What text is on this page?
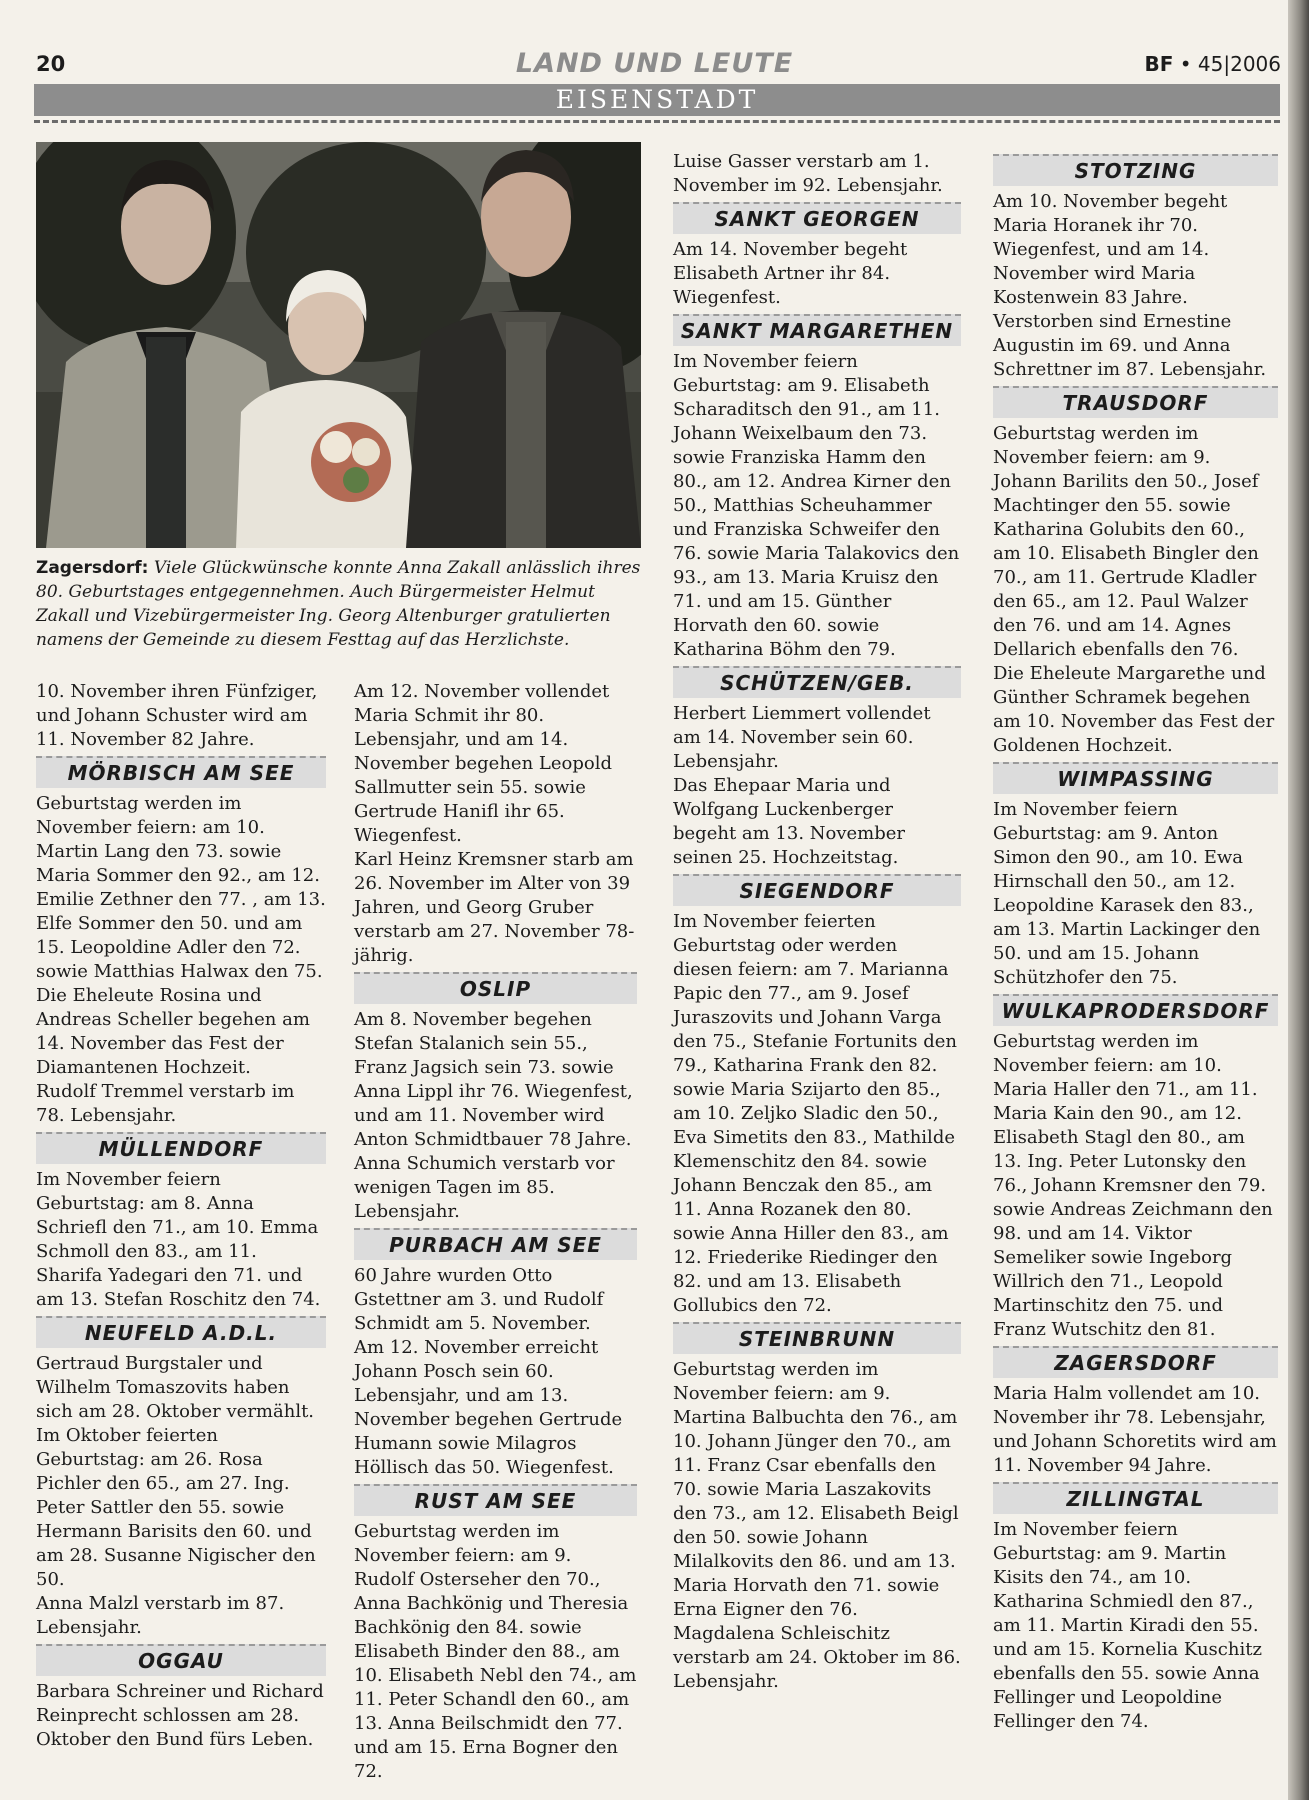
20	LAND UND LEUTE	BF • 45|2006
EISENSTADT
Zagersdorf: Viele Glückwünsche konnte Anna Zakall anlässlich ihres 80. Geburtstages entgegennehmen. Auch Bürgermeister Helmut Zakall und Vizebürgermeister Ing. Georg Altenburger gratulierten namens der Gemeinde zu diesem Festtag auf das Herzlichste.

10. November ihren Fünfziger, und Johann Schuster wird am 11. November 82 Jahre.

MÖRBISCH AM SEE

Geburtstag werden im November feiern: am 10. Martin Lang den 73. sowie Maria Sommer den 92., am 12. Emilie Zethner den 77. , am 13. Elfe Sommer den 50. und am 15. Leopoldine Adler den 72. sowie Matthias Halwax den 75.

Die Eheleute Rosina und Andreas Scheller begehen am 14. November das Fest der Diamantenen Hochzeit.

Rudolf Tremmel verstarb im 78. Lebensjahr.

MÜLLENDORF

Im November feiern Geburtstag: am 8. Anna Schriefl den 71., am 10. Emma Schmoll den 83., am 11. Sharifa Yadegari den 71. und am 13. Stefan Roschitz den 74.

NEUFELD A.D.L.

Gertraud Burgstaler und Wilhelm Tomaszovits haben sich am 28. Oktober vermählt.

Im Oktober feierten Geburtstag: am 26. Rosa Pichler den 65., am 27. Ing. Peter Sattler den 55. sowie Hermann Barisits den 60. und am 28. Susanne Nigischer den 50.

Anna Malzl verstarb im 87. Lebensjahr.

OGGAU

Barbara Schreiner und Richard Reinprecht schlossen am 28. Oktober den Bund fürs Leben.

Am 12. November vollendet Maria Schmit ihr 80. Lebensjahr, und am 14. November begehen Leopold Sallmutter sein 55. sowie Gertrude Hanifl ihr 65. Wiegenfest.

Karl Heinz Kremsner starb am 26. November im Alter von 39 Jahren, und Georg Gruber verstarb am 27. November 78-jährig.

OSLIP

Am 8. November begehen Stefan Stalanich sein 55., Franz Jagsich sein 73. sowie Anna Lippl ihr 76. Wiegenfest, und am 11. November wird Anton Schmidtbauer 78 Jahre.

Anna Schumich verstarb vor wenigen Tagen im 85. Lebensjahr.

PURBACH AM SEE

60 Jahre wurden Otto Gstettner am 3. und Rudolf Schmidt am 5. November.

Am 12. November erreicht Johann Posch sein 60. Lebensjahr, und am 13. November begehen Gertrude Humann sowie Milagros Höllisch das 50. Wiegenfest.

RUST AM SEE

Geburtstag werden im November feiern: am 9. Rudolf Osterseher den 70., Anna Bachkönig und Theresia Bachkönig den 84. sowie Elisabeth Binder den 88., am 10. Elisabeth Nebl den 74., am 11. Peter Schandl den 60., am 13. Anna Beilschmidt den 77. und am 15. Erna Bogner den 72.

Luise Gasser verstarb am 1. November im 92. Lebensjahr.

SANKT GEORGEN

Am 14. November begeht Elisabeth Artner ihr 84. Wiegenfest.

SANKT MARGARETHEN

Im November feiern Geburtstag: am 9. Elisabeth Scharaditsch den 91., am 11. Johann Weixelbaum den 73. sowie Franziska Hamm den 80., am 12. Andrea Kirner den 50., Matthias Scheuhammer und Franziska Schweifer den 76. sowie Maria Talakovics den 93., am 13. Maria Kruisz den 71. und am 15. Günther Horvath den 60. sowie Katharina Böhm den 79.

SCHÜTZEN/GEB.

Herbert Liemmert vollendet am 14. November sein 60. Lebensjahr.

Das Ehepaar Maria und Wolfgang Luckenberger begeht am 13. November seinen 25. Hochzeitstag.

SIEGENDORF

Im November feierten Geburtstag oder werden diesen feiern: am 7. Marianna Papic den 77., am 9. Josef Juraszovits und Johann Varga den 75., Stefanie Fortunits den 79., Katharina Frank den 82. sowie Maria Szijarto den 85., am 10. Zeljko Sladic den 50., Eva Simetits den 83., Mathilde Klemenschitz den 84. sowie Johann Benczak den 85., am 11. Anna Rozanek den 80. sowie Anna Hiller den 83., am 12. Friederike Riedinger den 82. und am 13. Elisabeth Gollubics den 72.

STEINBRUNN

Geburtstag werden im November feiern: am 9. Martina Balbuchta den 76., am 10. Johann Jünger den 70., am 11. Franz Csar ebenfalls den 70. sowie Maria Laszakovits den 73., am 12. Elisabeth Beigl den 50. sowie Johann Milalkovits den 86. und am 13. Maria Horvath den 71. sowie Erna Eigner den 76.

Magdalena Schleischitz verstarb am 24. Oktober im 86. Lebensjahr.

STOTZING

Am 10. November begeht Maria Horanek ihr 70. Wiegenfest, und am 14. November wird Maria Kostenwein 83 Jahre.

Verstorben sind Ernestine Augustin im 69. und Anna Schrettner im 87. Lebensjahr.

TRAUSDORF

Geburtstag werden im November feiern: am 9. Johann Barilits den 50., Josef Machtinger den 55. sowie Katharina Golubits den 60., am 10. Elisabeth Bingler den 70., am 11. Gertrude Kladler den 65., am 12. Paul Walzer den 76. und am 14. Agnes Dellarich ebenfalls den 76.

Die Eheleute Margarethe und Günther Schramek begehen am 10. November das Fest der Goldenen Hochzeit.

WIMPASSING

Im November feiern Geburtstag: am 9. Anton Simon den 90., am 10. Ewa Hirnschall den 50., am 12. Leopoldine Karasek den 83., am 13. Martin Lackinger den 50. und am 15. Johann Schützhofer den 75.

WULKAPRODERSDORF

Geburtstag werden im November feiern: am 10. Maria Haller den 71., am 11. Maria Kain den 90., am 12. Elisabeth Stagl den 80., am 13. Ing. Peter Lutonsky den 76., Johann Kremsner den 79. sowie Andreas Zeichmann den 98. und am 14. Viktor Semeliker sowie Ingeborg Willrich den 71., Leopold Martinschitz den 75. und Franz Wutschitz den 81.

ZAGERSDORF

Maria Halm vollendet am 10. November ihr 78. Lebensjahr, und Johann Schoretits wird am 11. November 94 Jahre.

ZILLINGTAL

Im November feiern Geburtstag: am 9. Martin Kisits den 74., am 10. Katharina Schmiedl den 87., am 11. Martin Kiradi den 55. und am 15. Kornelia Kuschitz ebenfalls den 55. sowie Anna Fellinger und Leopoldine Fellinger den 74.
